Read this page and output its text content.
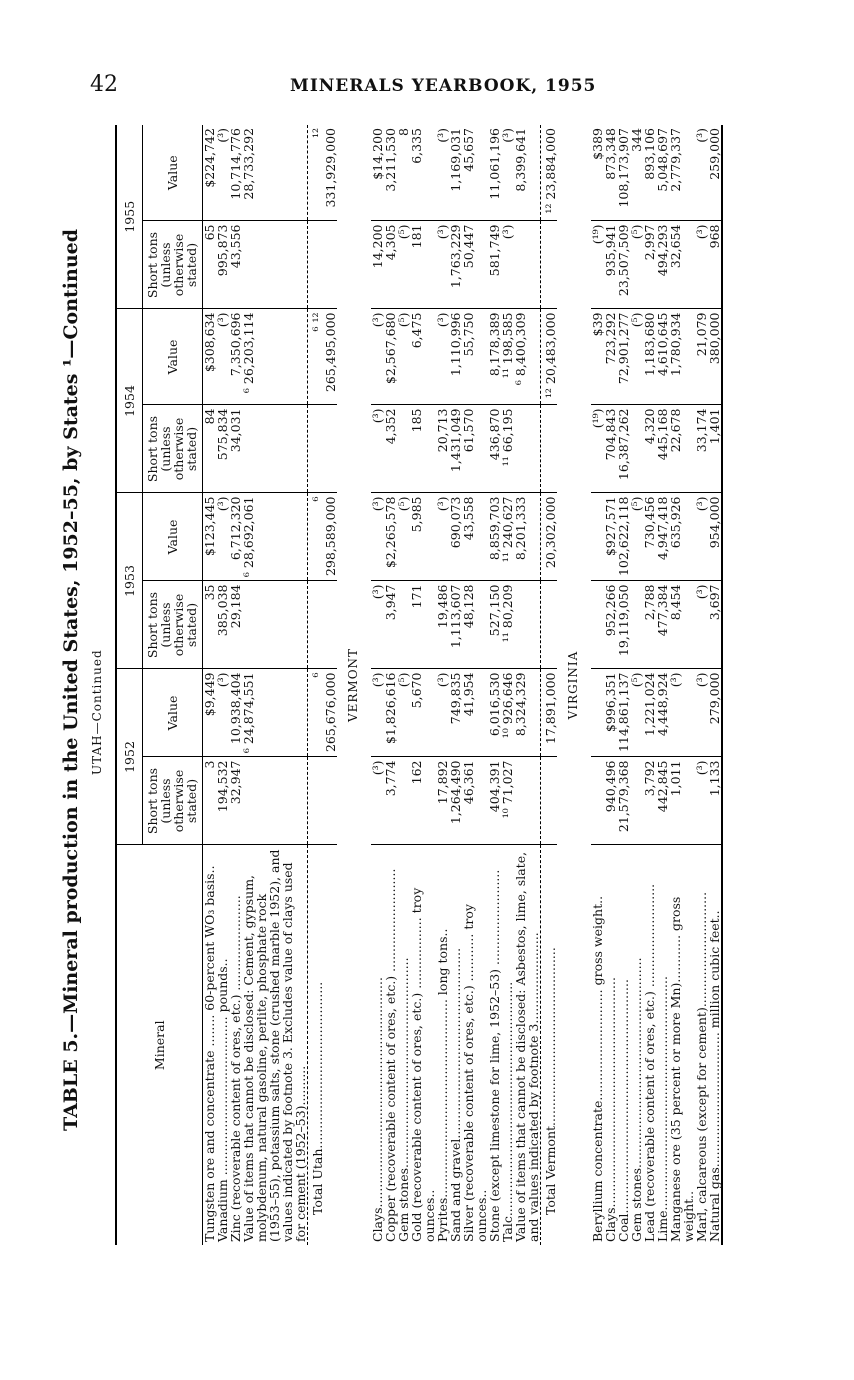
42	MINERALS YEARBOOK, 1955
TABLE 5.—Mineral production in the United States, 1952–55, by States ¹—Continued UTAH—Continued
Mineral	1952		1953		1954		1955	
	Short tons (unless otherwise stated)	Value	Short tons (unless otherwise stated)	Value	Short tons (unless otherwise stated)	Value	Short tons (unless otherwise stated)	Value
Tungsten ore and concentrate ........ 60-percent WO₃ basis..	3	$9,449	35	$123,445	84	$308,634	65	$224,742
Vanadium ........................................ pounds..	194,532	(³)	385,038	(³)	575,834	(³)	995,873	(³)
Zinc (recoverable content of ores, etc.) ........................	32,947	10,938,404	29,184	6,712,320	34,031	7,350,696	43,556	10,714,776
Value of items that cannot be disclosed: Cement, gypsum, molybdenum, natural gasoline, perlite, phosphate rock (1953–55), potassium salts, stone (crushed marble 1952), and values indicated by footnote 3. Excludes value of clays used for cement (1952–53)..........		⁶ 24,874,551		⁶ 28,692,061		⁶ 26,203,114		28,733,292
Total Utah..........................................		⁶ 265,676,000		⁶ 298,589,000		⁶ ¹² 265,495,000		¹² 331,929,000
VERMONT								
Clays..........................................................	(³)	(³)	(³)	(³)	(³)	(³)	14,200	$14,200
Copper (recoverable content of ores, etc.) ..........................	3,774	$1,826,616	3,947	$2,265,578	4,352	$2,567,680	4,305	3,211,530
Gem stones.....................................................		(⁵)		(⁵)		(⁵)	(⁵)	8
Gold (recoverable content of ores, etc.) .................. troy ounces..	162	5,670	171	5,985	185	6,475	181	6,335
Pyrites.................................................. long tons..	17,892	(³)	19,486	(³)	20,713	(³)	(³)	(³)
Sand and gravel................................................	1,264,490	749,835	1,113,607	690,073	1,431,049	1,110,996	1,763,229	1,169,031
Silver (recoverable content of ores, etc.) ............ troy ounces..	46,361	41,954	48,128	43,558	61,570	55,750	50,447	45,657
Stone (except limestone for lime, 1952–53) ........................	404,391	6,016,530	527,150	8,859,703	436,870	8,178,389	581,749	11,061,196
Talc...........................................................	¹⁰ 71,027	¹⁰ 926,646	¹¹ 80,209	¹¹ 240,627	¹¹ 66,195	¹¹ 198,585	(³)	(³)
Value of items that cannot be disclosed: Asbestos, lime, slate, and values indicated by footnote 3.......................		8,324,329		8,201,333		⁶ 8,400,309		8,399,641
Total Vermont.............................................		17,891,000		20,302,000		¹² 20,483,000		¹² 23,884,000
VIRGINIA								
Beryllium concentrate............................ gross weight..					(¹⁹)	$39	(¹⁹)	$389
Clays..........................................................	940,496	$996,351	952,266	$927,571	704,843	723,292	935,941	873,348
Coal...........................................................	21,579,368	114,861,137	19,119,050	102,622,118	16,387,262	72,901,277	23,507,509	108,173,907
Gem stones.....................................................		(⁵)		(⁵)		(⁵)	(⁵)	344
Lead (recoverable content of ores, etc.) ..........................	3,792	1,221,024	2,788	730,456	4,320	1,183,680	2,997	893,106
Lime...........................................................	442,845	4,448,924	477,384	4,947,418	445,168	4,610,645	494,293	5,048,697
Manganese ore (35 percent or more Mn)............ gross weight..	1,011	(³)	8,454	635,926	22,678	1,780,934	32,654	2,779,337
Marl, calcareous (except for cement).............................	(³)	(³)	(³)	(³)	33,174	21,079	(³)	(³)
Natural gas.................................. million cubic feet..	1,133	279,000	3,697	954,000	1,401	380,000	968	259,000
